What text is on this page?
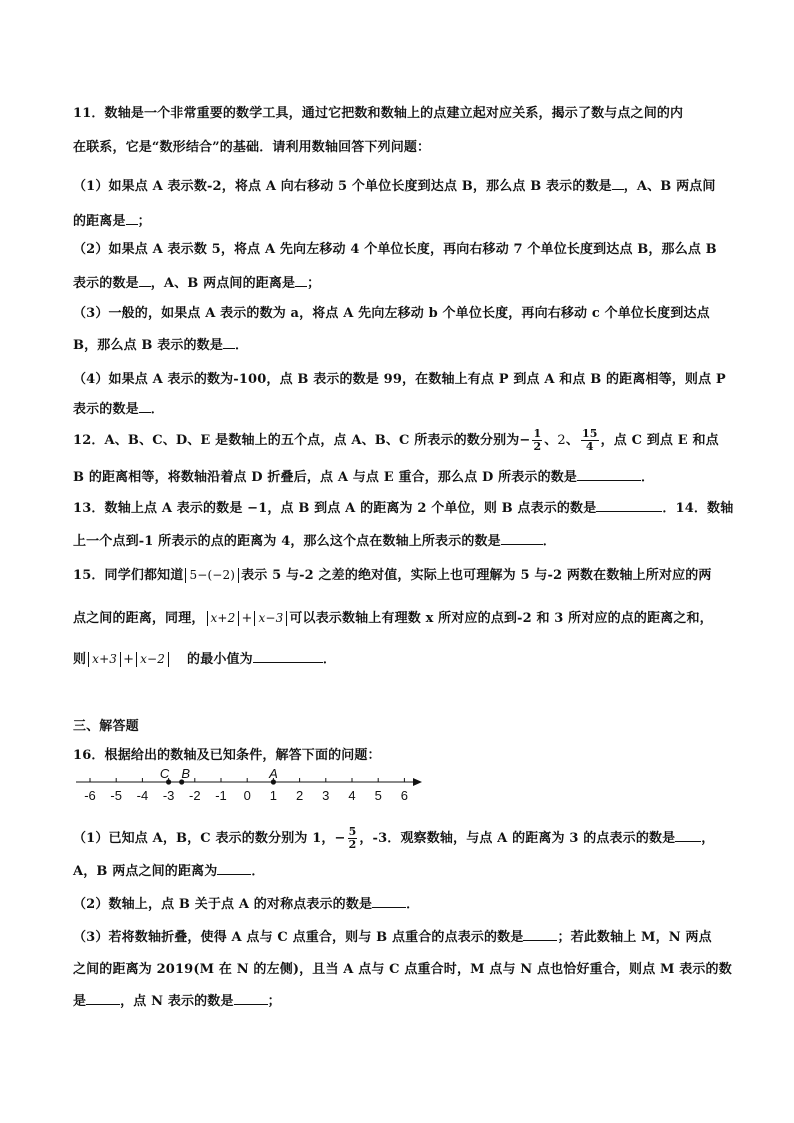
11．数轴是一个非常重要的数学工具，通过它把数和数轴上的点建立起对应关系，揭示了数与点之间的内
在联系，它是“数形结合”的基础．请利用数轴回答下列问题：
（1）如果点 A 表示数-2，将点 A 向右移动 5 个单位长度到达点 B，那么点 B 表示的数是 ，A、B 两点间
的距离是 ；
（2）如果点 A 表示数 5，将点 A 先向左移动 4 个单位长度，再向右移动 7 个单位长度到达点 B，那么点 B
表示的数是 ，A、B 两点间的距离是 ；
（3）一般的，如果点 A 表示的数为 a，将点 A 先向左移动 b 个单位长度，再向右移动 c 个单位长度到达点
B，那么点 B 表示的数是 ．
（4）如果点 A 表示的数为-100，点 B 表示的数是 99，在数轴上有点 P 到点 A 和点 B 的距离相等，则点 P
表示的数是 ．
12．A、B、C、D、E 是数轴上的五个点，点 A、B、C 所表示的数分别为− $\frac{1}{2}$ 、2、 $\frac{15}{4}$ ，点 C 到点 E 和点
B 的距离相等，将数轴沿着点 D 折叠后，点 A 与点 E 重合，那么点 D 所表示的数是	．
13．数轴上点 A 表示的数是 −1，点 B 到点 A 的距离为 2 个单位，则 B 点表示的数是	．14．数轴
上一个点到-1 所表示的点的距离为 4，那么这个点在数轴上所表示的数是	．
15．同学们都知道 5−(−2) 表示 5 与-2 之差的绝对值，实际上也可理解为 5 与-2 两数在数轴上所对应的两
点之间的距离，同理， x+2 + x−3 可以表示数轴上有理数 x 所对应的点到-2 和 3 所对应的点的距离之和，
则 x+3 + x−2 的最小值为	．
三、解答题
16．根据给出的数轴及已知条件，解答下面的问题：
-6 -5 -4 -3 -2 -1 0 1 2 3 4 5 6
C B	A
（1）已知点 A，B，C 表示的数分别为 1，− $\frac{5}{2}$ ，-3．观察数轴，与点 A 的距离为 3 的点表示的数是 ，
A，B 两点之间的距离为	．
（2）数轴上，点 B 关于点 A 的对称点表示的数是	．
（3）若将数轴折叠，使得 A 点与 C 点重合，则与 B 点重合的点表示的数是	；若此数轴上 M，N 两点
之间的距离为 2019(M 在 N 的左侧)，且当 A 点与 C 点重合时，M 点与 N 点也恰好重合，则点 M 表示的数
是	，点 N 表示的数是	；
